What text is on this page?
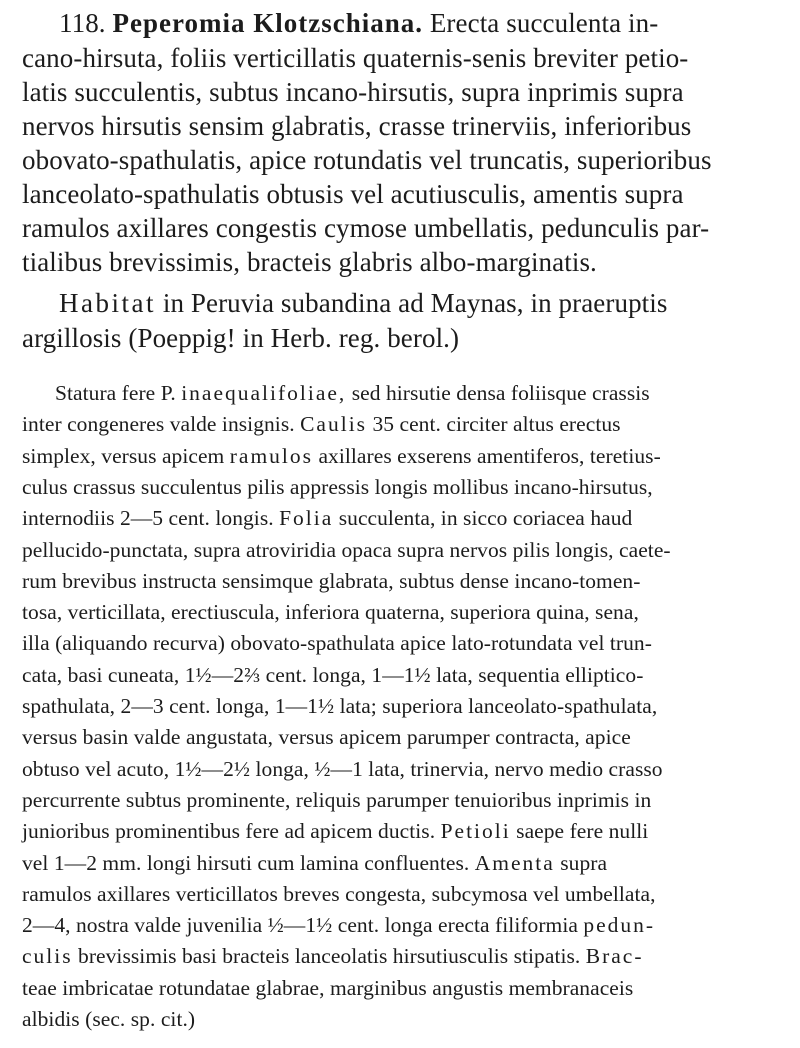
118. Peperomia Klotzschiana. Erecta succulenta in-
cano-hirsuta, foliis verticillatis quaternis-senis breviter petio-
latis succulentis, subtus incano-hirsutis, supra inprimis supra
nervos hirsutis sensim glabratis, crasse trinerviis, inferioribus
obovato-spathulatis, apice rotundatis vel truncatis, superioribus
lanceolato-spathulatis obtusis vel acutiusculis, amentis supra
ramulos axillares congestis cymose umbellatis, pedunculis par-
tialibus brevissimis, bracteis glabris albo-marginatis.
Habitat in Peruvia subandina ad Maynas, in praeruptis
argillosis (Poeppig! in Herb. reg. berol.)
Statura fere P. inaequalifoliae, sed hirsutie densa foliisque crassis
inter congeneres valde insignis. Caulis 35 cent. circiter altus erectus
simplex, versus apicem ramulos axillares exserens amentiferos, teretius-
culus crassus succulentus pilis appressis longis mollibus incano-hirsutus,
internodiis 2—5 cent. longis. Folia succulenta, in sicco coriacea haud
pellucido-punctata, supra atroviridia opaca supra nervos pilis longis, caete-
rum brevibus instructa sensimque glabrata, subtus dense incano-tomen-
tosa, verticillata, erectiuscula, inferiora quaterna, superiora quina, sena,
illa (aliquando recurva) obovato-spathulata apice lato-rotundata vel trun-
cata, basi cuneata, 1½—2⅔ cent. longa, 1—1½ lata, sequentia elliptico-
spathulata, 2—3 cent. longa, 1—1½ lata; superiora lanceolato-spathulata,
versus basin valde angustata, versus apicem parumper contracta, apice
obtuso vel acuto, 1½—2½ longa, ½—1 lata, trinervia, nervo medio crasso
percurrente subtus prominente, reliquis parumper tenuioribus inprimis in
junioribus prominentibus fere ad apicem ductis. Petioli saepe fere nulli
vel 1—2 mm. longi hirsuti cum lamina confluentes. Amenta supra
ramulos axillares verticillatos breves congesta, subcymosa vel umbellata,
2—4, nostra valde juvenilia ½—1½ cent. longa erecta filiformia pedun-
culis brevissimis basi bracteis lanceolatis hirsutiusculis stipatis. Brac-
teae imbricatae rotundatae glabrae, marginibus angustis membranaceis
albidis (sec. sp. cit.)
